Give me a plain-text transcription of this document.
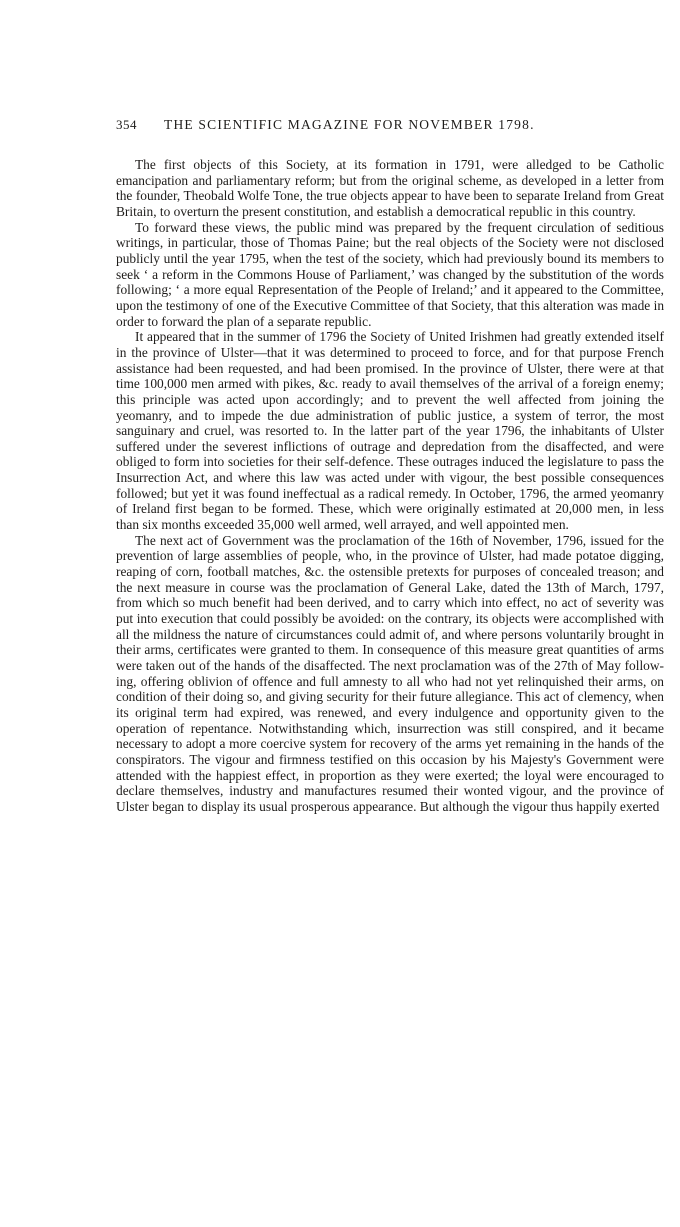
354 THE SCIENTIFIC MAGAZINE FOR NOVEMBER 1798.

The first objects of this Society, at its formation in 1791, were alledged to be Catholic emancipation and parliamentary reform; but from the original scheme, as developed in a letter from the founder, Theobald Wolfe Tone, the true objects appear to have been to separate Ireland from Great Britain, to overturn the present constitution, and establish a democratical republic in this country.

To forward these views, the public mind was prepared by the frequent circulation of seditious writings, in particular, those of Thomas Paine; but the real objects of the Society were not disclosed publicly until the year 1795, when the test of the society, which had previously bound its members to seek ‘ a reform in the Commons House of Parliament,’ was changed by the substitution of the words following; ‘ a more equal Representation of the People of Ireland;’ and it appeared to the Committee, upon the testimony of one of the Executive Committee of that Society, that this alteration was made in order to forward the plan of a separate republic.

It appeared that in the summer of 1796 the Society of United Irishmen had greatly extended itself in the province of Ulster—that it was determined to proceed to force, and for that purpose French assistance had been requested, and had been promised. In the province of Ulster, there were at that time 100,000 men armed with pikes, &c. ready to avail themselves of the arrival of a foreign enemy; this principle was acted upon accordingly; and to prevent the well affected from joining the yeomanry, and to impede the due administration of public justice, a system of terror, the most sanguinary and cruel, was resorted to. In the latter part of the year 1796, the inhabitants of Ulster suffered under the severest inflictions of outrage and depredation from the disaffected, and were obliged to form into societies for their self-defence. These outrages induced the legislature to pass the Insurrection Act, and where this law was acted under with vigour, the best possible consequences followed; but yet it was found ineffectual as a radical remedy. In October, 1796, the armed yeomanry of Ireland first began to be formed. These, which were originally estimated at 20,000 men, in less than six months exceeded 35,000 well armed, well arrayed, and well appointed men.

The next act of Government was the proclamation of the 16th of November, 1796, issued for the prevention of large assemblies of people, who, in the province of Ulster, had made potatoe digging, reaping of corn, football matches, &c. the ostensible pretexts for purposes of concealed treason; and the next measure in course was the proclamation of General Lake, dated the 13th of March, 1797, from which so much benefit had been derived, and to carry which into effect, no act of severity was put into execution that could possibly be avoided: on the contrary, its objects were accomplished with all the mildness the nature of circumstances could admit of, and where persons voluntarily brought in their arms, certificates were granted to them. In consequence of this measure great quantities of arms were taken out of the hands of the disaffected. The next proclamation was of the 27th of May following, offering oblivion of offence and full amnesty to all who had not yet relinquished their arms, on condition of their doing so, and giving security for their future allegiance. This act of clemency, when its original term had expired, was renewed, and every indulgence and opportunity given to the operation of repentance. Notwithstanding which, insurrection was still conspired, and it became necessary to adopt a more coercive system for recovery of the arms yet remaining in the hands of the conspirators. The vigour and firmness testified on this occasion by his Majesty's Government were attended with the happiest effect, in proportion as they were exerted; the loyal were encouraged to declare themselves, industry and manufactures resumed their wonted vigour, and the province of Ulster began to display its usual prosperous appearance. But although the vigour thus happily exerted
